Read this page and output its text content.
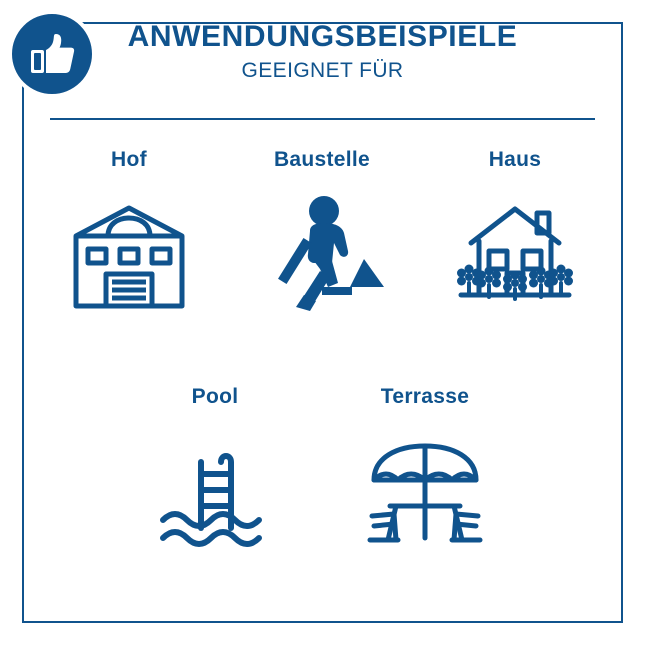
ANWENDUNGSBEISPIELE
GEEIGNET FÜR
Hof	Baustelle	Haus
Pool	Terrasse
